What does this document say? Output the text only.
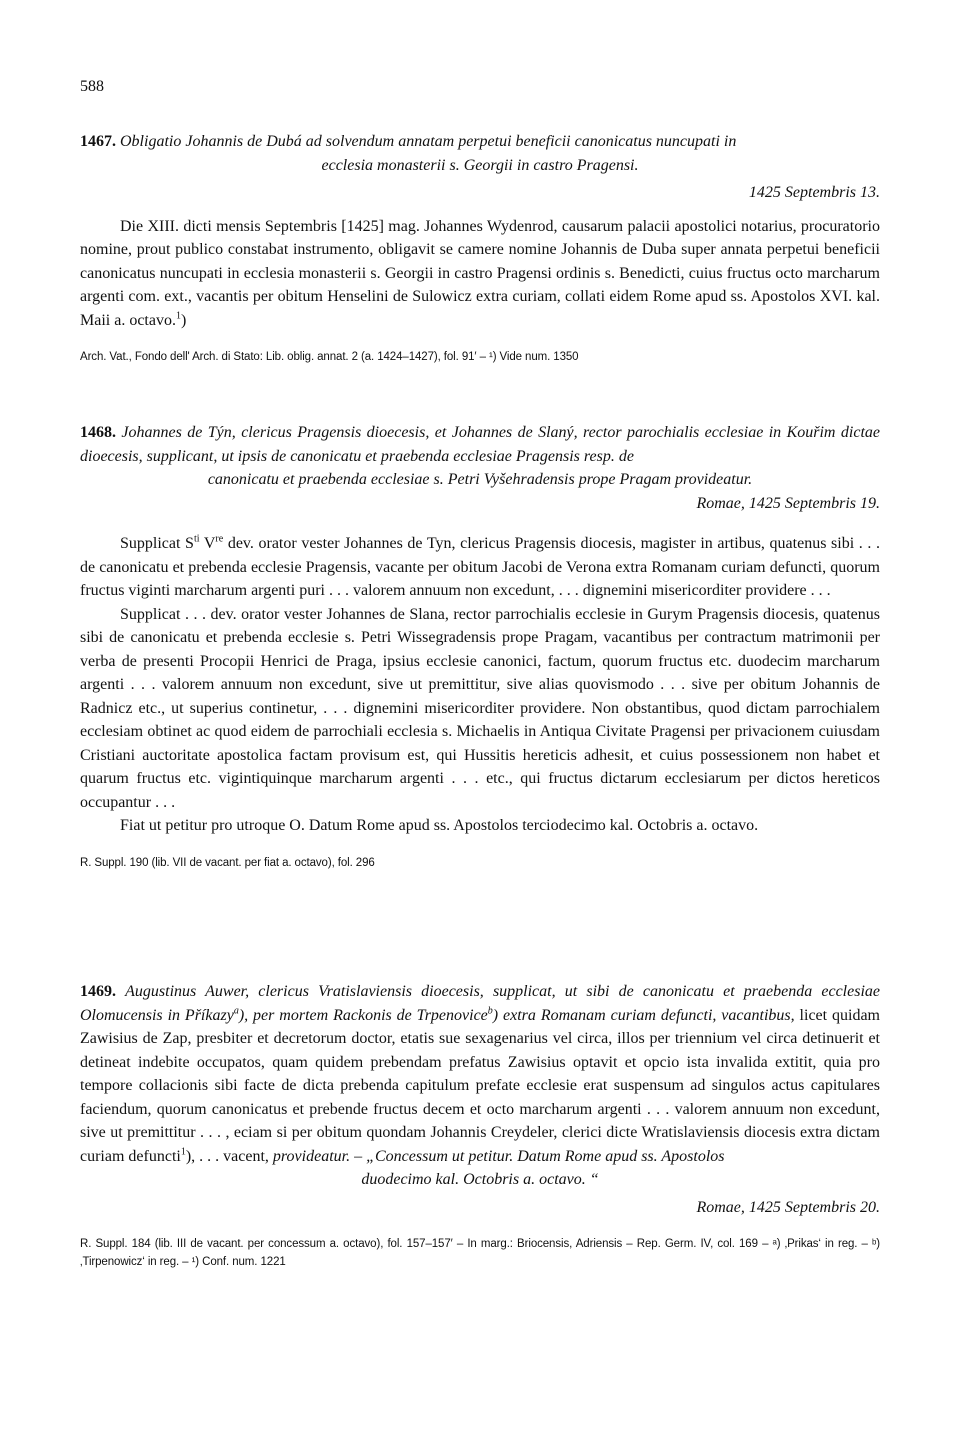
588

1467. Obligatio Johannis de Dubá ad solvendum annatam perpetui beneficii canonicatus nuncupati in

ecclesia monasterii s. Georgii in castro Pragensi.

1425 Septembris 13.

Die XIII. dicti mensis Septembris [1425] mag. Johannes Wydenrod, causarum palacii apostolici notarius, procuratorio nomine, prout publico constabat instrumento, obligavit se camere nomine Johannis de Duba super annata perpetui beneficii canonicatus nuncupati in ecclesia monasterii s. Georgii in castro Pragensi ordinis s. Benedicti, cuius fructus octo marcharum argenti com. ext., vacantis per obitum Henselini de Sulowicz extra curiam, collati eidem Rome apud ss. Apostolos XVI. kal. Maii a. octavo.$^1$)

Arch. Vat., Fondo dell' Arch. di Stato: Lib. oblig. annat. 2 (a. 1424–1427), fol. 91′ – ¹) Vide num. 1350

1468. Johannes de Týn, clericus Pragensis dioecesis, et Johannes de Slaný, rector parochialis ecclesiae in Kouřim dictae dioecesis, supplicant, ut ipsis de canonicatu et praebenda ecclesiae Pragensis resp. de

canonicatu et praebenda ecclesiae s. Petri Vyšehradensis prope Pragam provideatur.

Romae, 1425 Septembris 19.

Supplicat $S^{ti}$ Vre dev. orator vester Johannes de Tyn, clericus Pragensis diocesis, magister in artibus, quatenus sibi . . . de canonicatu et prebenda ecclesie Pragensis, vacante per obitum Jacobi de Verona extra Romanam curiam defuncti, quorum fructus viginti marcharum argenti puri . . . valorem annuum non excedunt, . . . dignemini misericorditer providere . . .

Supplicat . . . dev. orator vester Johannes de Slana, rector parrochialis ecclesie in Gurym Pragensis diocesis, quatenus sibi de canonicatu et prebenda ecclesie s. Petri Wissegradensis prope Pragam, vacantibus per contractum matrimonii per verba de presenti Procopii Henrici de Praga, ipsius ecclesie canonici, factum, quorum fructus etc. duodecim marcharum argenti . . . valorem annuum non excedunt, sive ut premittitur, sive alias quovismodo . . . sive per obitum Johannis de Radnicz etc., ut superius continetur, . . . dignemini misericorditer providere. Non obstantibus, quod dictam parrochialem ecclesiam obtinet ac quod eidem de parrochiali ecclesia s. Michaelis in Antiqua Civitate Pragensi per privacionem cuiusdam Cristiani auctoritate apostolica factam provisum est, qui Hussitis hereticis adhesit, et cuius possessionem non habet et quarum fructus etc. vigintiquinque marcharum argenti . . . etc., qui fructus dictarum ecclesiarum per dictos hereticos occupantur . . .

Fiat ut petitur pro utroque O. Datum Rome apud ss. Apostolos terciodecimo kal. Octobris a. octavo.

R. Suppl. 190 (lib. VII de vacant. per fiat a. octavo), fol. 296

1469. Augustinus Auwer, clericus Vratislaviensis dioecesis, supplicat, ut sibi de canonicatu et praebenda ecclesiae Olomucensis in Příkazy$^a$), per mortem Rackonis de Trpenovice$^b$) extra Romanam curiam defuncti, vacantibus, licet quidam Zawisius de Zap, presbiter et decretorum doctor, etatis sue sexagenarius vel circa, illos per triennium vel circa detinuerit et detineat indebite occupatos, quam quidem prebendam prefatus Zawisius optavit et opcio ista invalida extitit, quia pro tempore collacionis sibi facte de dicta prebenda capitulum prefate ecclesie erat suspensum ad singulos actus capitulares faciendum, quorum canonicatus et prebende fructus decem et octo marcharum argenti . . . valorem annuum non excedunt, sive ut premittitur . . . , eciam si per obitum quondam Johannis Creydeler, clerici dicte Wratislaviensis diocesis extra dictam curiam defuncti$^1$), . . . vacent, provideatur. – „Concessum ut petitur. Datum Rome apud ss. Apostolos

duodecimo kal. Octobris a. octavo. “

Romae, 1425 Septembris 20.

R. Suppl. 184 (lib. III de vacant. per concessum a. octavo), fol. 157–157′ – In marg.: Briocensis, Adriensis – Rep. Germ. IV, col. 169 – ᵃ) ‚Prikas‘ in reg. – ᵇ) ‚Tirpenowicz‘ in reg. – ¹) Conf. num. 1221
